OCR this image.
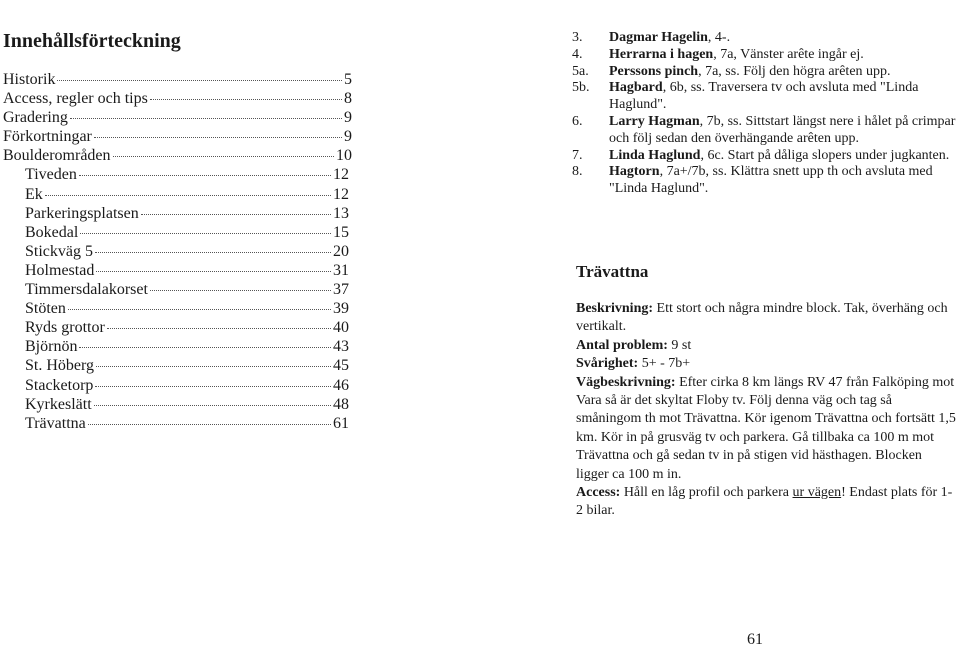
Innehållsförteckning
Historik	5
Access, regler och tips	8
Gradering	9
Förkortningar	9
Boulderområden	10
Tiveden	12
Ek	12
Parkeringsplatsen	13
Bokedal	15
Stickväg 5	20
Holmestad	31
Timmersdalakorset	37
Stöten	39
Ryds grottor	40
Björnön	43
St. Höberg	45
Stacketorp	46
Kyrkeslätt	48
Trävattna	61
3.	Dagmar Hagelin, 4-.
4.	Herrarna i hagen, 7a, Vänster arête ingår ej.
5a.	Perssons pinch, 7a, ss. Följ den högra arêten upp.
5b.	Hagbard, 6b, ss. Traversera tv och avsluta med "Linda Haglund".
6.	Larry Hagman, 7b, ss. Sittstart längst nere i hålet på crimpar och följ sedan den överhängande arêten upp.
7.	Linda Haglund, 6c. Start på dåliga slopers under jugkanten.
8.	Hagtorn, 7a+/7b, ss. Klättra snett upp th och avsluta med "Linda Haglund".
Trävattna

Beskrivning: Ett stort och några mindre block. Tak, överhäng och vertikalt.

Antal problem: 9 st

Svårighet: 5+ - 7b+

Vägbeskrivning: Efter cirka 8 km längs RV 47 från Falköping mot Vara så är det skyltat Floby tv. Följ denna väg och tag så småningom th mot Trävattna. Kör igenom Trävattna och fortsätt 1,5 km. Kör in på grusväg tv och parkera. Gå tillbaka ca 100 m mot Trävattna och gå sedan tv in på stigen vid hästhagen. Blocken ligger ca 100 m in.

Access: Håll en låg profil och parkera ur vägen! Endast plats för 1-2 bilar.

61
